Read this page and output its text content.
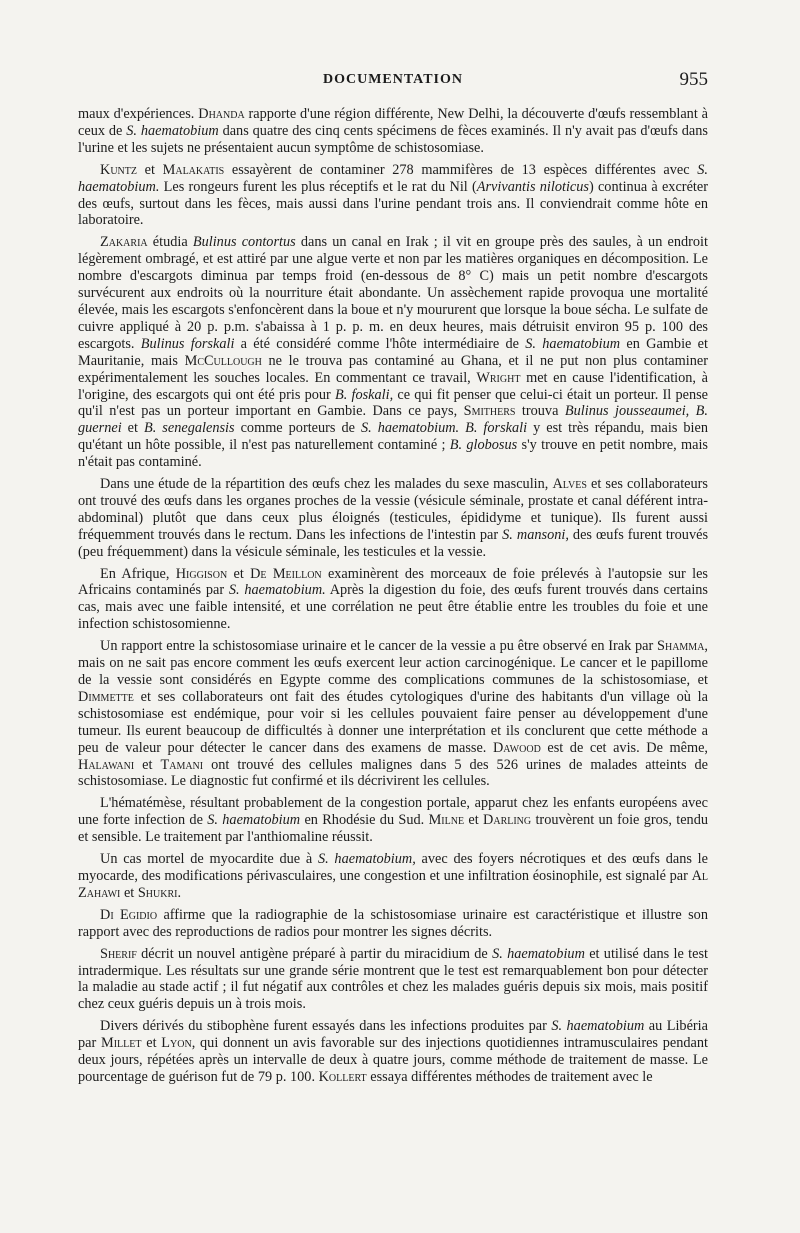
DOCUMENTATION	955

maux d'expériences. Dhanda rapporte d'une région différente, New Delhi, la découverte d'œufs ressemblant à ceux de S. haematobium dans quatre des cinq cents spécimens de fèces examinés. Il n'y avait pas d'œufs dans l'urine et les sujets ne présentaient aucun symptôme de schistosomiase.

Kuntz et Malakatis essayèrent de contaminer 278 mammifères de 13 espèces différentes avec S. haematobium. Les rongeurs furent les plus réceptifs et le rat du Nil (Arvivantis niloticus) continua à excréter des œufs, surtout dans les fèces, mais aussi dans l'urine pendant trois ans. Il conviendrait comme hôte en laboratoire.

Zakaria étudia Bulinus contortus dans un canal en Irak ; il vit en groupe près des saules, à un endroit légèrement ombragé, et est attiré par une algue verte et non par les matières organiques en décomposition. Le nombre d'escargots diminua par temps froid (en-dessous de 8° C) mais un petit nombre d'escargots survécurent aux endroits où la nourriture était abondante. Un assèchement rapide provoqua une mortalité élevée, mais les escargots s'enfoncèrent dans la boue et n'y moururent que lorsque la boue sécha. Le sulfate de cuivre appliqué à 20 p. p.m. s'abaissa à 1 p. p. m. en deux heures, mais détruisit environ 95 p. 100 des escargots. Bulinus forskali a été considéré comme l'hôte intermédiaire de S. haematobium en Gambie et Mauritanie, mais McCullough ne le trouva pas contaminé au Ghana, et il ne put non plus contaminer expérimentalement les souches locales. En commentant ce travail, Wright met en cause l'identification, à l'origine, des escargots qui ont été pris pour B. foskali, ce qui fit penser que celui-ci était un porteur. Il pense qu'il n'est pas un porteur important en Gambie. Dans ce pays, Smithers trouva Bulinus jousseaumei, B. guernei et B. senegalensis comme porteurs de S. haematobium. B. forskali y est très répandu, mais bien qu'étant un hôte possible, il n'est pas naturellement contaminé ; B. globosus s'y trouve en petit nombre, mais n'était pas contaminé.

Dans une étude de la répartition des œufs chez les malades du sexe masculin, Alves et ses collaborateurs ont trouvé des œufs dans les organes proches de la vessie (vésicule séminale, prostate et canal déférent intra-abdominal) plutôt que dans ceux plus éloignés (testicules, épididyme et tunique). Ils furent aussi fréquemment trouvés dans le rectum. Dans les infections de l'intestin par S. mansoni, des œufs furent trouvés (peu fréquemment) dans la vésicule séminale, les testicules et la vessie.

En Afrique, Higgison et De Meillon examinèrent des morceaux de foie prélevés à l'autopsie sur les Africains contaminés par S. haematobium. Après la digestion du foie, des œufs furent trouvés dans certains cas, mais avec une faible intensité, et une corrélation ne peut être établie entre les troubles du foie et une infection schistosomienne.

Un rapport entre la schistosomiase urinaire et le cancer de la vessie a pu être observé en Irak par Shamma, mais on ne sait pas encore comment les œufs exercent leur action carcinogénique. Le cancer et le papillome de la vessie sont considérés en Egypte comme des complications communes de la schistosomiase, et Dimmette et ses collaborateurs ont fait des études cytologiques d'urine des habitants d'un village où la schistosomiase est endémique, pour voir si les cellules pouvaient faire penser au développement d'une tumeur. Ils eurent beaucoup de difficultés à donner une interprétation et ils conclurent que cette méthode a peu de valeur pour détecter le cancer dans des examens de masse. Dawood est de cet avis. De même, Halawani et Tamani ont trouvé des cellules malignes dans 5 des 526 urines de malades atteints de schistosomiase. Le diagnostic fut confirmé et ils décrivirent les cellules.

L'hématémèse, résultant probablement de la congestion portale, apparut chez les enfants européens avec une forte infection de S. haematobium en Rhodésie du Sud. Milne et Darling trouvèrent un foie gros, tendu et sensible. Le traitement par l'anthiomaline réussit.

Un cas mortel de myocardite due à S. haematobium, avec des foyers nécrotiques et des œufs dans le myocarde, des modifications périvasculaires, une congestion et une infiltration éosinophile, est signalé par Al Zahawi et Shukri.

Di Egidio affirme que la radiographie de la schistosomiase urinaire est caractéristique et illustre son rapport avec des reproductions de radios pour montrer les signes décrits.

Sherif décrit un nouvel antigène préparé à partir du miracidium de S. haematobium et utilisé dans le test intradermique. Les résultats sur une grande série montrent que le test est remarquablement bon pour détecter la maladie au stade actif ; il fut négatif aux contrôles et chez les malades guéris depuis six mois, mais positif chez ceux guéris depuis un à trois mois.

Divers dérivés du stibophène furent essayés dans les infections produites par S. haematobium au Libéria par Millet et Lyon, qui donnent un avis favorable sur des injections quotidiennes intramusculaires pendant deux jours, répétées après un intervalle de deux à quatre jours, comme méthode de traitement de masse. Le pourcentage de guérison fut de 79 p. 100. Kollert essaya différentes méthodes de traitement avec le
